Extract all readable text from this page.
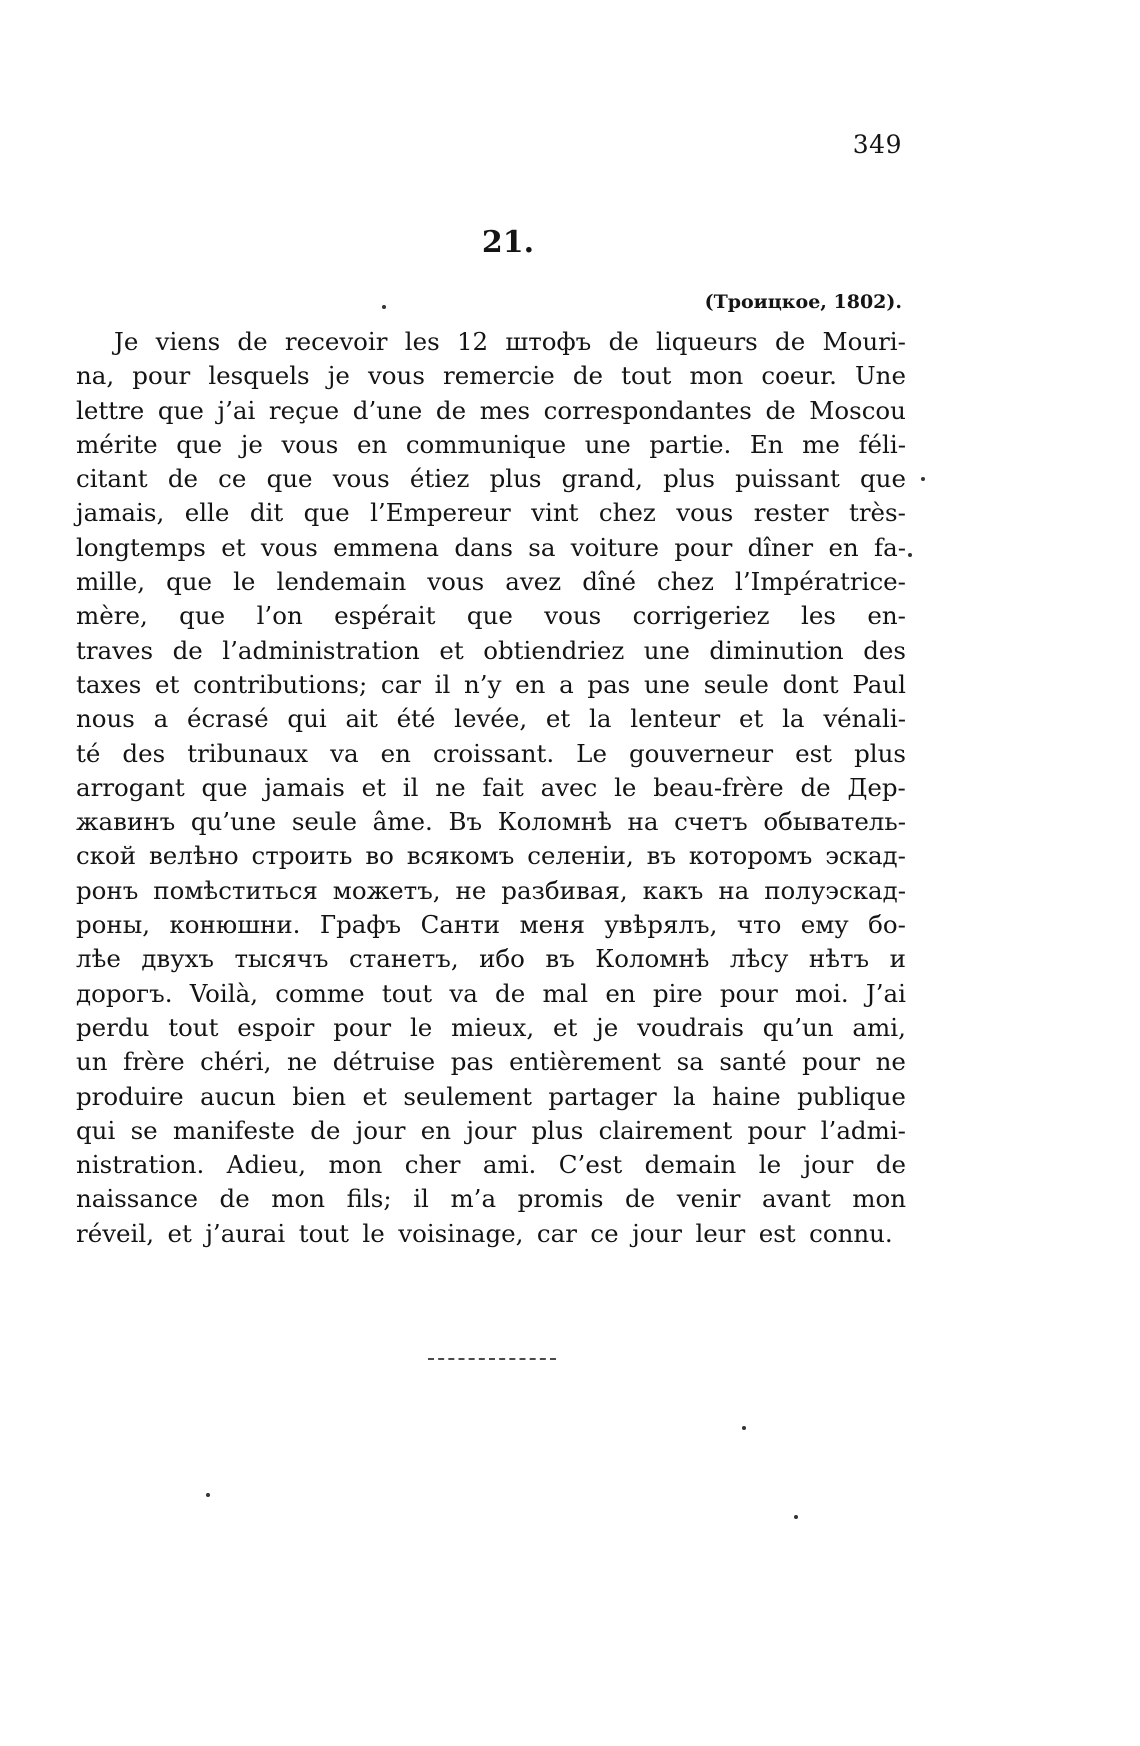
349
21.
(Троицкое, 1802).
Je viens de recevoir les 12 штофъ de liqueurs de Mouri-
na, pour lesquels je vous remercie de tout mon coeur. Une
lettre que j’ai reçue d’une de mes correspondantes de Moscou
mérite que je vous en communique une partie. En me féli-
citant de ce que vous étiez plus grand, plus puissant que
jamais, elle dit que l’Empereur vint chez vous rester très-
longtemps et vous emmena dans sa voiture pour dîner en fa-
mille, que le lendemain vous avez dîné chez l’Impératrice-
mère, que l’on espérait que vous corrigeriez les en-
traves de l’administration et obtiendriez une diminution des
taxes et contributions; car il n’y en a pas une seule dont Paul
nous a écrasé qui ait été levée, et la lenteur et la vénali-
té des tribunaux va en croissant. Le gouverneur est plus
arrogant que jamais et il ne fait avec le beau-frère de Дер-
жавинъ qu’une seule âme. Въ Коломнѣ на счетъ обыватель-
ской велѣно строить во всякомъ селеніи, въ которомъ эскад-
ронъ помѣститься можетъ, не разбивая, какъ на полуэскад-
роны, конюшни. Графъ Санти меня увѣрялъ, что ему бо-
лѣе двухъ тысячъ станетъ, ибо въ Коломнѣ лѣсу нѣтъ и
дорогъ. Voilà, comme tout va de mal en pire pour moi. J’ai
perdu tout espoir pour le mieux, et je voudrais qu’un ami,
un frère chéri, ne détruise pas entièrement sa santé pour ne
produire aucun bien et seulement partager la haine publique
qui se manifeste de jour en jour plus clairement pour l’admi-
nistration. Adieu, mon cher ami. C’est demain le jour de
naissance de mon fils; il m’a promis de venir avant mon
réveil, et j’aurai tout le voisinage, car ce jour leur est connu.
